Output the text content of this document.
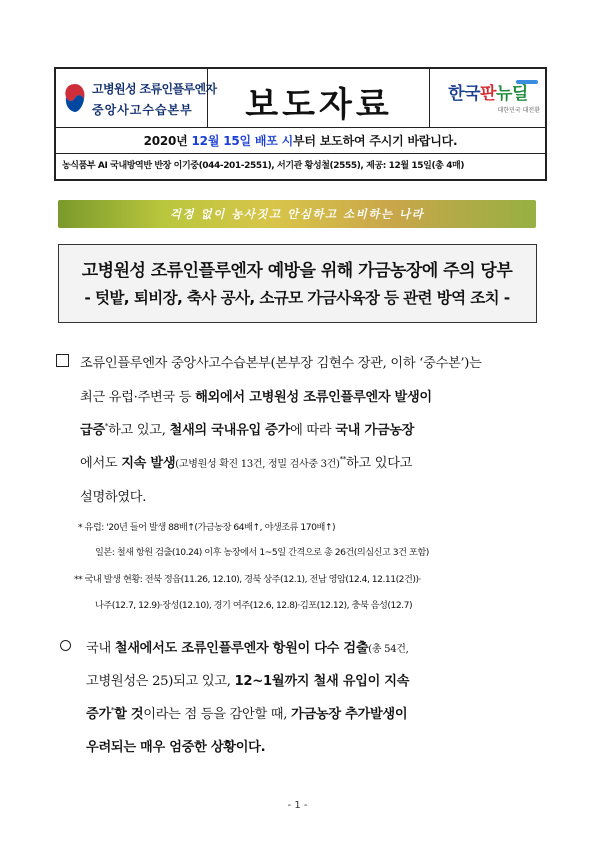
고병원성 조류인플루엔자
중앙사고수습본부	보도자료	한국판뉴딜
대한민국 대전환
2020년 12월 15일 배포 시부터 보도하여 주시기 바랍니다.
농식품부 AI 국내방역반 반장 이기중(044-201-2551), 서기관 황성철(2555), 제공: 12월 15일(총 4매)
걱정 없이 농사짓고 안심하고 소비하는 나라
고병원성 조류인플루엔자 예방을 위해 가금농장에 주의 당부
- 텃밭, 퇴비장, 축사 공사, 소규모 가금사육장 등 관련 방역 조치 -
조류인플루엔자 중앙사고수습본부(본부장 김현수 장관, 이하 ‘중수본’)는
최근 유럽·주변국 등 해외에서 고병원성 조류인플루엔자 발생이
급증*하고 있고, 철새의 국내유입 증가에 따라 국내 가금농장
에서도 지속 발생(고병원성 확진 13건, 정밀 검사중 3건)**하고 있다고
설명하였다.
* 유럽: '20년 들어 발생 88배↑(가금농장 64배↑, 야생조류 170배↑)
일본: 철새 항원 검출(10.24) 이후 농장에서 1~5일 간격으로 총 26건(의심신고 3건 포함)
** 국내 발생 현황: 전북 정읍(11.26, 12.10), 경북 상주(12.1), 전남 영암(12.4, 12.11(2건))·
나주(12.7, 12.9)·장성(12.10), 경기 여주(12.6, 12.8)·김포(12.12), 충북 음성(12.7)
국내 철새에서도 조류인플루엔자 항원이 다수 검출(총 54건,
고병원성은 25)되고 있고, 12~1월까지 철새 유입이 지속
증가*할 것이라는 점 등을 감안할 때, 가금농장 추가발생이
우려되는 매우 엄중한 상황이다.
- 1 -
